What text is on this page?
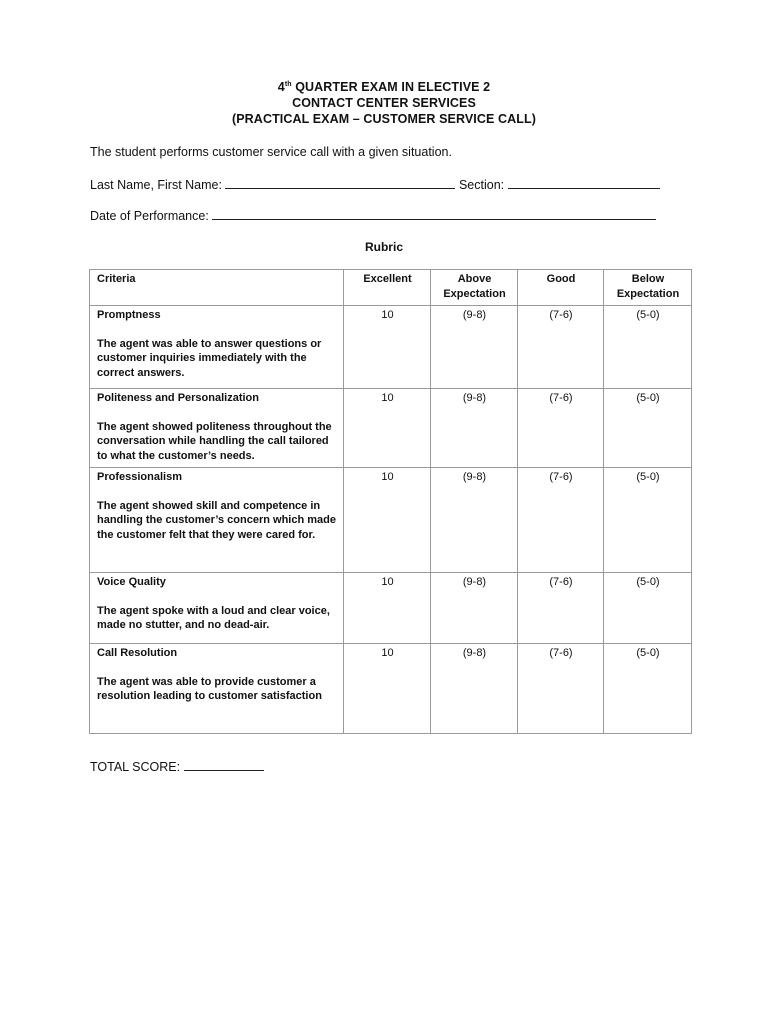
4th QUARTER EXAM IN ELECTIVE 2
CONTACT CENTER SERVICES
(PRACTICAL EXAM – CUSTOMER SERVICE CALL)
The student performs customer service call with a given situation.
Last Name, First Name:	Section:
Date of Performance:
Rubric
Criteria	Excellent	Above Expectation	Good	Below Expectation

Promptness
The agent was able to answer questions or customer inquiries immediately with the correct answers.	10	(9-8)	(7-6)	(5-0)

Politeness and Personalization
The agent showed politeness throughout the conversation while handling the call tailored to what the customer’s needs.	10	(9-8)	(7-6)	(5-0)

Professionalism
The agent showed skill and competence in handling the customer’s concern which made the customer felt that they were cared for.	10	(9-8)	(7-6)	(5-0)

Voice Quality
The agent spoke with a loud and clear voice, made no stutter, and no dead-air.	10	(9-8)	(7-6)	(5-0)

Call Resolution
The agent was able to provide customer a resolution leading to customer satisfaction	10	(9-8)	(7-6)	(5-0)
TOTAL SCORE:
